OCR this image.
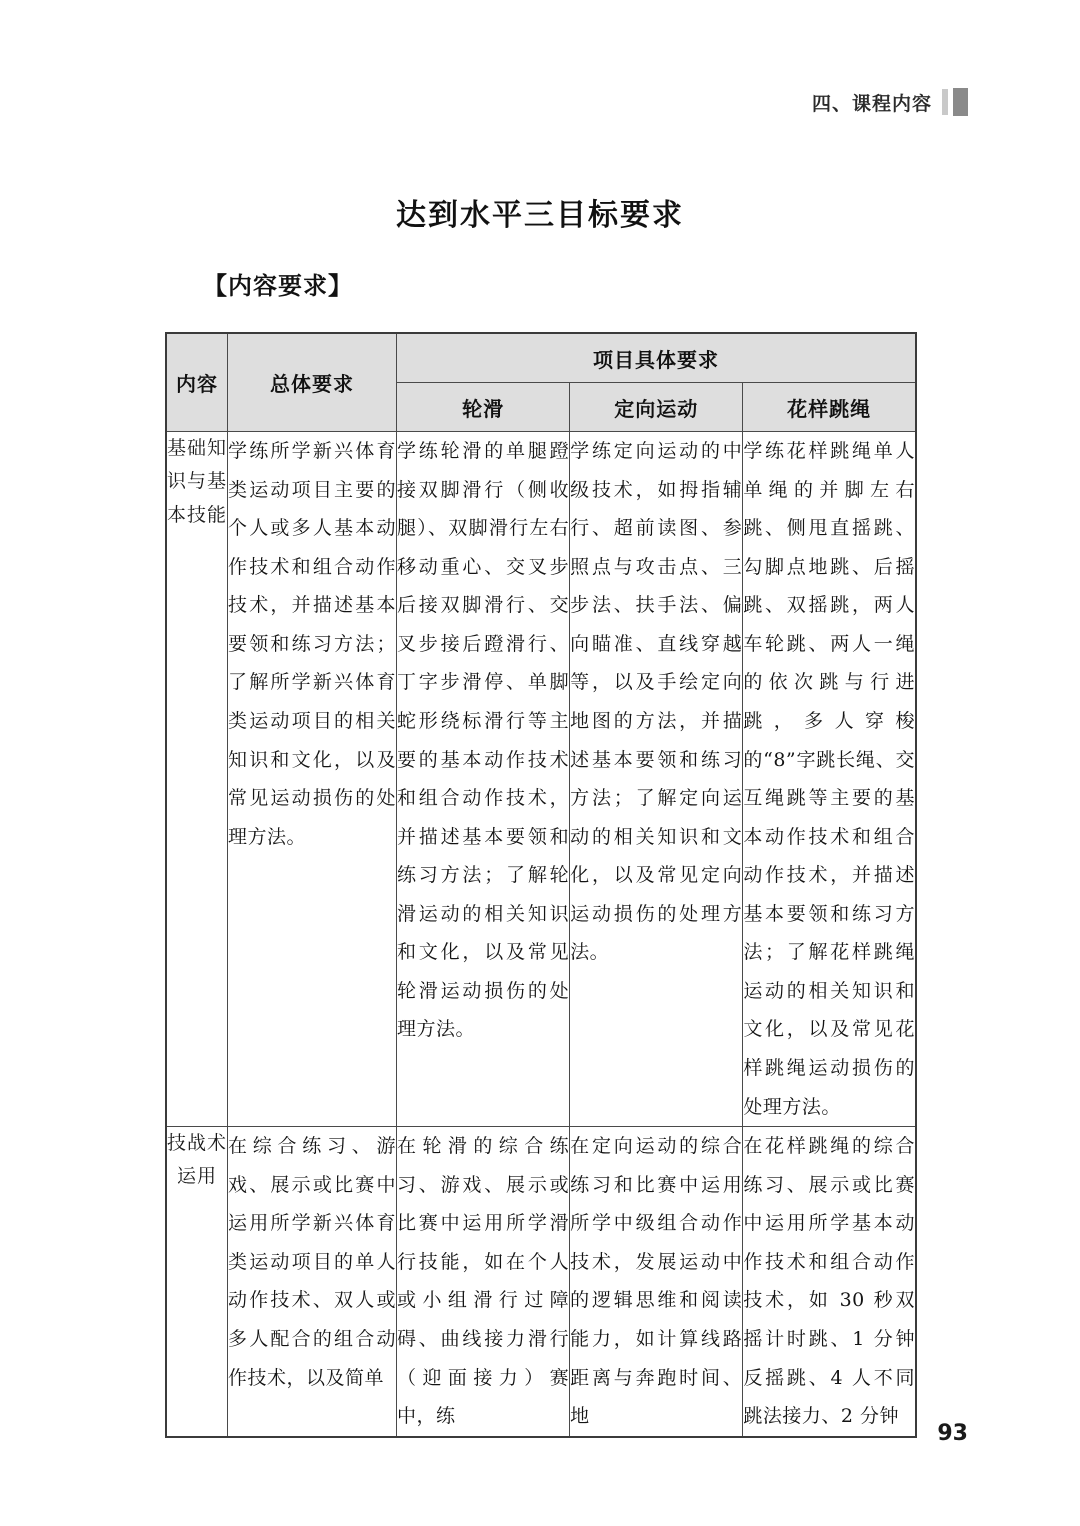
四、课程内容
达到水平三目标要求
【内容要求】
内容	总体要求	项目具体要求		
		轮滑	定向运动	花样跳绳
基础知识与基本技能	学练所学新兴体育类运动项目主要的个人或多人基本动作技术和组合动作技术，并描述基本要领和练习方法；了解所学新兴体育类运动项目的相关知识和文化，以及常见运动损伤的处理方法。	学练轮滑的单腿蹬接双脚滑行（侧收腿）、双脚滑行左右移动重心、交叉步后接双脚滑行、交叉步接后蹬滑行、丁字步滑停、单脚蛇形绕标滑行等主要的基本动作技术和组合动作技术，并描述基本要领和练习方法；了解轮滑运动的相关知识和文化，以及常见轮滑运动损伤的处理方法。	学练定向运动的中级技术，如拇指辅行、超前读图、参照点与攻击点、三步法、扶手法、偏向瞄准、直线穿越等，以及手绘定向地图的方法，并描述基本要领和练习方法；了解定向运动的相关知识和文化，以及常见定向运动损伤的处理方法。	学练花样跳绳单人单绳的并脚左右跳、侧甩直摇跳、勾脚点地跳、后摇跳、双摇跳，两人车轮跳、两人一绳的依次跳与行进跳，多人穿梭的“8”字跳长绳、交互绳跳等主要的基本动作技术和组合动作技术，并描述基本要领和练习方法；了解花样跳绳运动的相关知识和文化，以及常见花样跳绳运动损伤的处理方法。
技战术运用	在综合练习、游戏、展示或比赛中运用所学新兴体育类运动项目的单人动作技术、双人或多人配合的组合动作技术，以及简单	在轮滑的综合练习、游戏、展示或比赛中运用所学滑行技能，如在个人或小组滑行过障碍、曲线接力滑行（迎面接力）赛中，练	在定向运动的综合练习和比赛中运用所学中级组合动作技术，发展运动中的逻辑思维和阅读能力，如计算线路距离与奔跑时间、地	在花样跳绳的综合练习、展示或比赛中运用所学基本动作技术和组合动作技术，如 30 秒双摇计时跳、1 分钟反摇跳、4 人不同跳法接力、2 分钟
93
